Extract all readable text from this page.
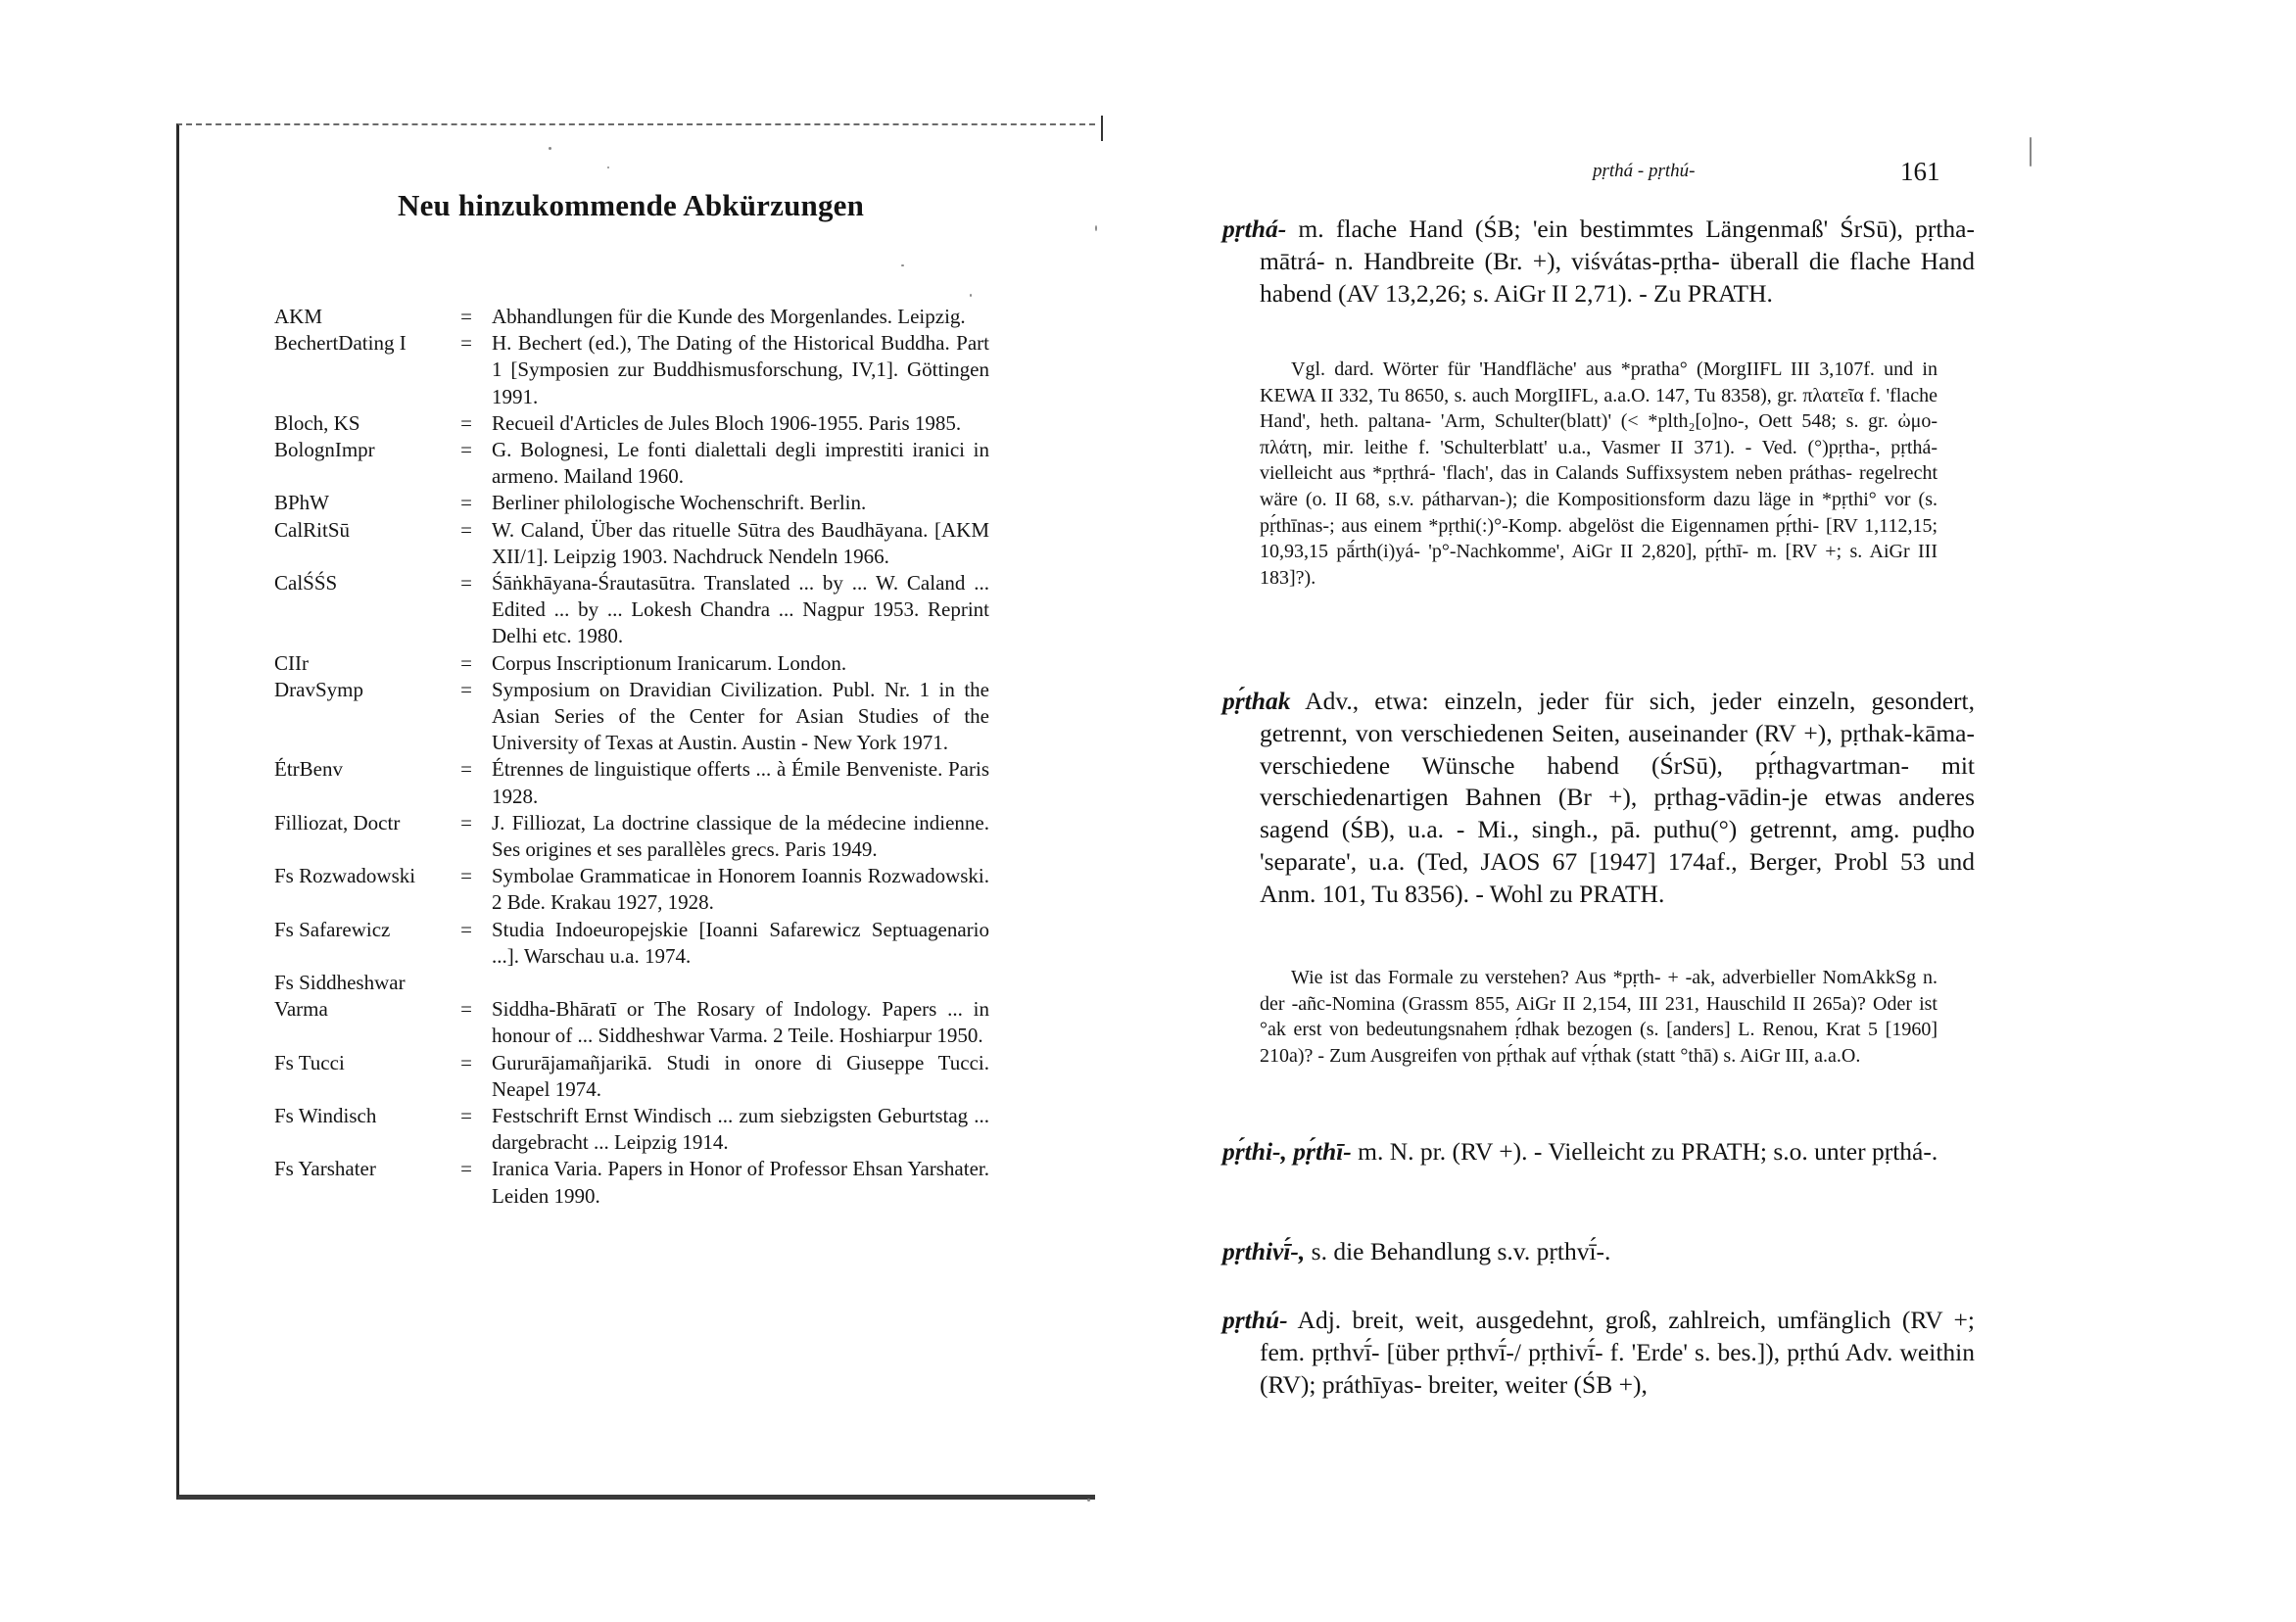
Neu hinzukommende Abkürzungen
AKM	= Abhandlungen für die Kunde des Morgenlandes. Leipzig.
BechertDating I	= H. Bechert (ed.), The Dating of the Historical Buddha. Part 1 [Symposien zur Buddhismusforschung, IV,1]. Göttingen 1991.
Bloch, KS	= Recueil d'Articles de Jules Bloch 1906-1955. Paris 1985.
BolognImpr	= G. Bolognesi, Le fonti dialettali degli imprestiti iranici in armeno. Mailand 1960.
BPhW	= Berliner philologische Wochenschrift. Berlin.
CalRitSū	= W. Caland, Über das rituelle Sūtra des Baudhāyana. [AKM XII/1]. Leipzig 1903. Nachdruck Nendeln 1966.
CalŚŚS	= Śāṅkhāyana-Śrautasūtra. Translated ... by ... W. Caland ... Edited ... by ... Lokesh Chandra ... Nagpur 1953. Reprint Delhi etc. 1980.
CIIr	= Corpus Inscriptionum Iranicarum. London.
DravSymp	= Symposium on Dravidian Civilization. Publ. Nr. 1 in the Asian Series of the Center for Asian Studies of the University of Texas at Austin. Austin - New York 1971.
ÉtrBenv	= Étrennes de linguistique offerts ... à Émile Benveniste. Paris 1928.
Filliozat, Doctr	= J. Filliozat, La doctrine classique de la médecine indienne. Ses origines et ses parallèles grecs. Paris 1949.
Fs Rozwadowski	= Symbolae Grammaticae in Honorem Ioannis Rozwadowski. 2 Bde. Krakau 1927, 1928.
Fs Safarewicz	= Studia Indoeuropejskie [Ioanni Safarewicz Septuagenario ...]. Warschau u.a. 1974.
Fs Siddheshwar Varma	= Siddha-Bhāratī or The Rosary of Indology. Papers ... in honour of ... Siddheshwar Varma. 2 Teile. Hoshiarpur 1950.
Fs Tucci	= Gururājamañjarikā. Studi in onore di Giuseppe Tucci. Neapel 1974.
Fs Windisch	= Festschrift Ernst Windisch ... zum siebzigsten Geburtstag ... dargebracht ... Leipzig 1914.
Fs Yarshater	= Iranica Varia. Papers in Honor of Professor Ehsan Yarshater. Leiden 1990.
pṛthá - pṛthú-	161
pṛthá- m. flache Hand (ŚB; 'ein bestimmtes Längenmaß' ŚrSū), pṛtha-mātrá- n. Handbreite (Br. +), viśvátas-pṛtha- überall die flache Hand habend (AV 13,2,26; s. AiGr II 2,71). - Zu PRATH.
Vgl. dard. Wörter für 'Handfläche' aus *pratha° (MorgIIFL III 3,107f. und in KEWA II 332, Tu 8650, s. auch MorgIIFL, a.a.O. 147, Tu 8358), gr. πλατεῖα f. 'flache Hand', heth. paltana- 'Arm, Schulter(blatt)' (< *plth₂[o]no-, Oett 548; s. gr. ὠμο-πλάτη, mir. leithe f. 'Schulterblatt' u.a., Vasmer II 371). - Ved. (°)pṛtha-, pṛthá- vielleicht aus *pṛthrá- 'flach', das in Calands Suffixsystem neben práthas- regelrecht wäre (o. II 68, s.v. pátharvan-); die Kompositionsform dazu läge in *pṛthi° vor (s. pṛ́thīnas-; aus einem *pṛthi(:)°-Komp. abgelöst die Eigennamen pṛ́thi- [RV 1,112,15; 10,93,15 pā́rth(i)yá- 'p°-Nachkomme', AiGr II 2,820], pṛ́thī- m. [RV +; s. AiGr III 183]?).
pṛ́thak Adv., etwa: einzeln, jeder für sich, jeder einzeln, gesondert, getrennt, von verschiedenen Seiten, auseinander (RV +), pṛthak-kāma- verschiedene Wünsche habend (ŚrSū), pṛ́thagvartman- mit verschiedenartigen Bahnen (Br +), pṛthag-vādin-je etwas anderes sagend (ŚB), u.a. - Mi., singh., pā. puthu(°) getrennt, amg. puḍho 'separate', u.a. (Ted, JAOS 67 [1947] 174af., Berger, Probl 53 und Anm. 101, Tu 8356). - Wohl zu PRATH.
Wie ist das Formale zu verstehen? Aus *pṛth- + -ak, adverbieller NomAkkSg n. der -añc-Nomina (Grassm 855, AiGr II 2,154, III 231, Hauschild II 265a)? Oder ist °ak erst von bedeutungsnahem ṛ́dhak bezogen (s. [anders] L. Renou, Krat 5 [1960] 210a)? - Zum Ausgreifen von pṛ́thak auf vṛ́thak (statt °thā) s. AiGr III, a.a.O.
pṛ́thi-, pṛ́thī- m. N. pr. (RV +). - Vielleicht zu PRATH; s.o. unter pṛthá-.
pṛthivī́-, s. die Behandlung s.v. pṛthvī́-.
pṛthú- Adj. breit, weit, ausgedehnt, groß, zahlreich, umfänglich (RV +; fem. pṛthvī́- [über pṛthvī́-/ pṛthivī́- f. 'Erde' s. bes.]), pṛthú Adv. weithin (RV); práthīyas- breiter, weiter (ŚB +),
